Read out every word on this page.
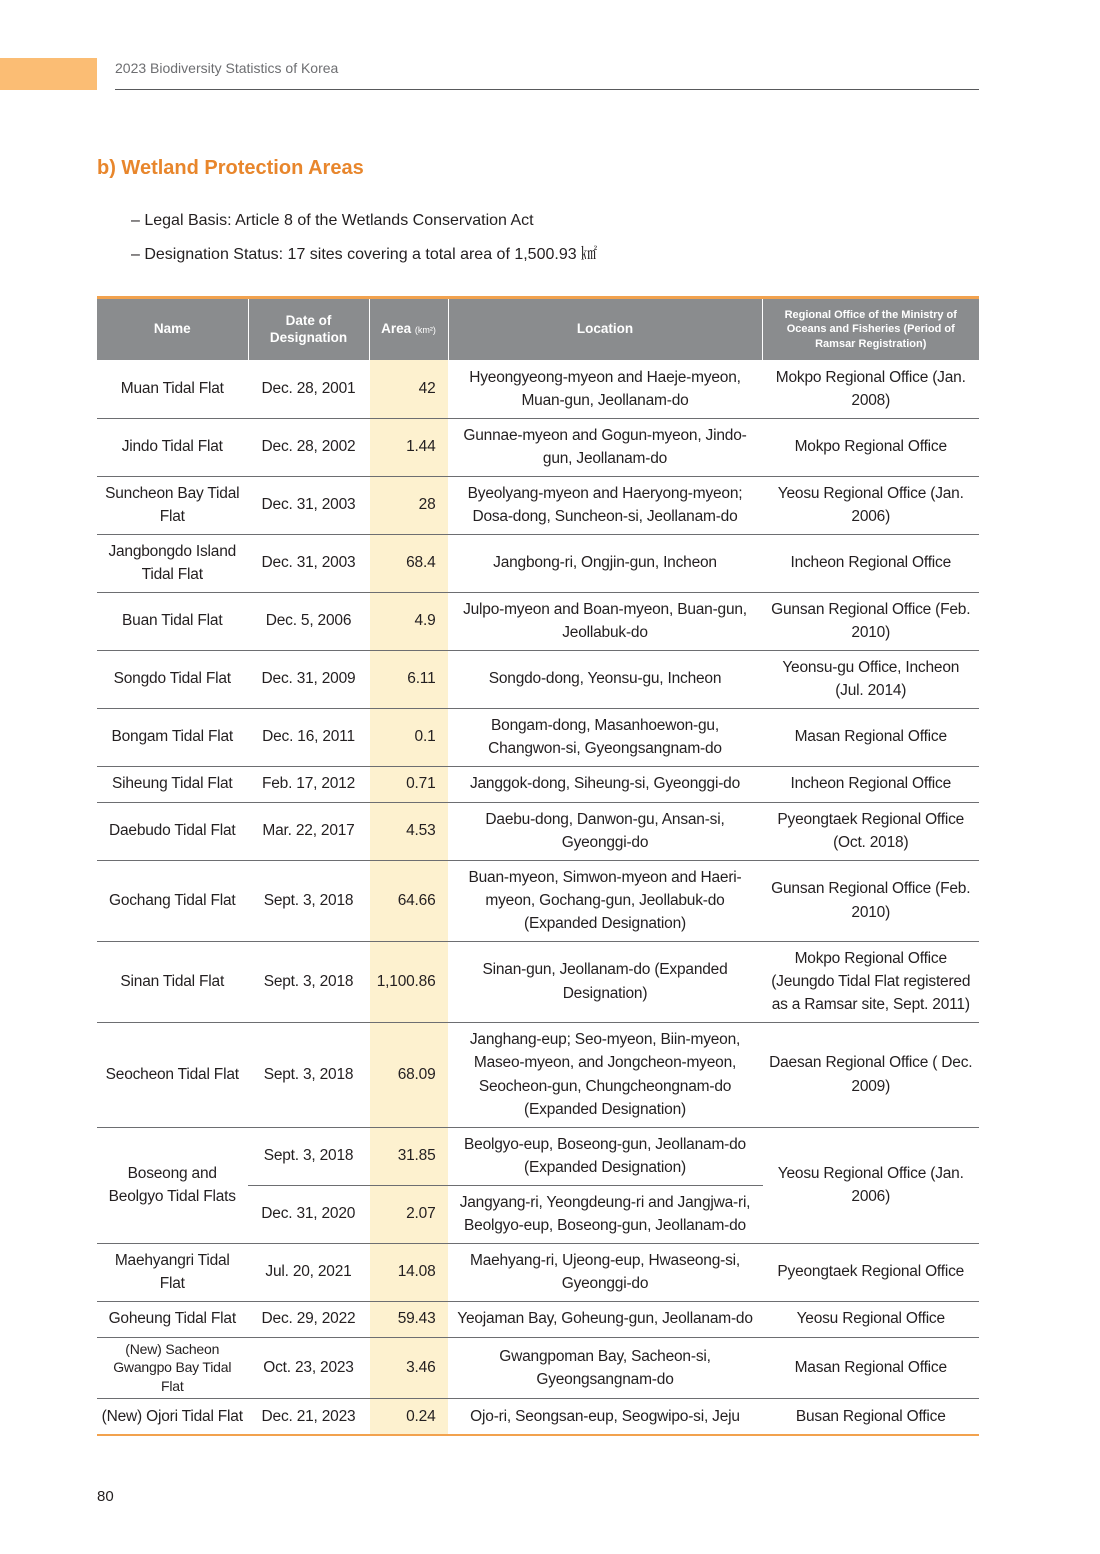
2023 Biodiversity Statistics of Korea
b) Wetland Protection Areas
– Legal Basis: Article 8 of the Wetlands Conservation Act
– Designation Status: 17 sites covering a total area of 1,500.93 ㎢
Name	Date of Designation	Area (km²)	Location	Regional Office of the Ministry of Oceans and Fisheries (Period of Ramsar Registration)
Muan Tidal Flat	Dec. 28, 2001	42	Hyeongyeong-myeon and Haeje-myeon, Muan-gun, Jeollanam-do	Mokpo Regional Office (Jan. 2008)
Jindo Tidal Flat	Dec. 28, 2002	1.44	Gunnae-myeon and Gogun-myeon, Jindo-gun, Jeollanam-do	Mokpo Regional Office
Suncheon Bay Tidal Flat	Dec. 31, 2003	28	Byeolyang-myeon and Haeryong-myeon; Dosa-dong, Suncheon-si, Jeollanam-do	Yeosu Regional Office (Jan. 2006)
Jangbongdo Island Tidal Flat	Dec. 31, 2003	68.4	Jangbong-ri, Ongjin-gun, Incheon	Incheon Regional Office
Buan Tidal Flat	Dec. 5, 2006	4.9	Julpo-myeon and Boan-myeon, Buan-gun, Jeollabuk-do	Gunsan Regional Office (Feb. 2010)
Songdo Tidal Flat	Dec. 31, 2009	6.11	Songdo-dong, Yeonsu-gu, Incheon	Yeonsu-gu Office, Incheon (Jul. 2014)
Bongam Tidal Flat	Dec. 16, 2011	0.1	Bongam-dong, Masanhoewon-gu, Changwon-si, Gyeongsangnam-do	Masan Regional Office
Siheung Tidal Flat	Feb. 17, 2012	0.71	Janggok-dong, Siheung-si, Gyeonggi-do	Incheon Regional Office
Daebudo Tidal Flat	Mar. 22, 2017	4.53	Daebu-dong, Danwon-gu, Ansan-si, Gyeonggi-do	Pyeongtaek Regional Office (Oct. 2018)
Gochang Tidal Flat	Sept. 3, 2018	64.66	Buan-myeon, Simwon-myeon and Haeri-myeon, Gochang-gun, Jeollabuk-do (Expanded Designation)	Gunsan Regional Office (Feb. 2010)
Sinan Tidal Flat	Sept. 3, 2018	1,100.86	Sinan-gun, Jeollanam-do (Expanded Designation)	Mokpo Regional Office (Jeungdo Tidal Flat registered as a Ramsar site, Sept. 2011)
Seocheon Tidal Flat	Sept. 3, 2018	68.09	Janghang-eup; Seo-myeon, Biin-myeon, Maseo-myeon, and Jongcheon-myeon, Seocheon-gun, Chungcheongnam-do (Expanded Designation)	Daesan Regional Office ( Dec. 2009)
Boseong and Beolgyo Tidal Flats	Sept. 3, 2018	31.85	Beolgyo-eup, Boseong-gun, Jeollanam-do (Expanded Designation)	Yeosu Regional Office (Jan. 2006)
	Dec. 31, 2020	2.07	Jangyang-ri, Yeongdeung-ri and Jangjwa-ri, Beolgyo-eup, Boseong-gun, Jeollanam-do	
Maehyangri Tidal Flat	Jul. 20, 2021	14.08	Maehyang-ri, Ujeong-eup, Hwaseong-si, Gyeonggi-do	Pyeongtaek Regional Office
Goheung Tidal Flat	Dec. 29, 2022	59.43	Yeojaman Bay, Goheung-gun, Jeollanam-do	Yeosu Regional Office
(New) Sacheon Gwangpo Bay Tidal Flat	Oct. 23, 2023	3.46	Gwangpoman Bay, Sacheon-si, Gyeongsangnam-do	Masan Regional Office
(New) Ojori Tidal Flat	Dec. 21, 2023	0.24	Ojo-ri, Seongsan-eup, Seogwipo-si, Jeju	Busan Regional Office
80
